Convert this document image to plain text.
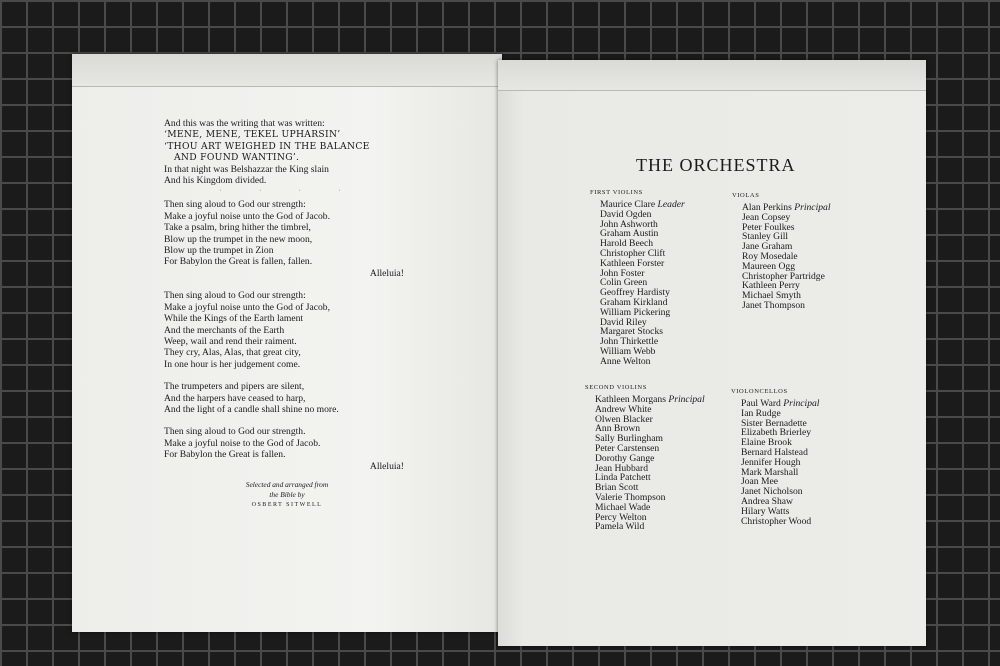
And this was the writing that was written:
‘MENE, MENE, TEKEL UPHARSIN’
‘THOU ART WEIGHED IN THE BALANCE
AND FOUND WANTING’.
In that night was Belshazzar the King slain
And his Kingdom divided.
· · · ·
Then sing aloud to God our strength:
Make a joyful noise unto the God of Jacob.
Take a psalm, bring hither the timbrel,
Blow up the trumpet in the new moon,
Blow up the trumpet in Zion
For Babylon the Great is fallen, fallen.
Alleluia!
Then sing aloud to God our strength:
Make a joyful noise unto the God of Jacob,
While the Kings of the Earth lament
And the merchants of the Earth
Weep, wail and rend their raiment.
They cry, Alas, Alas, that great city,
In one hour is her judgement come.
The trumpeters and pipers are silent,
And the harpers have ceased to harp,
And the light of a candle shall shine no more.
Then sing aloud to God our strength.
Make a joyful noise to the God of Jacob.
For Babylon the Great is fallen.
Alleluia!
Selected and arranged from
the Bible by
OSBERT SITWELL
THE ORCHESTRA
FIRST VIOLINS
Maurice Clare Leader
David Ogden
John Ashworth
Graham Austin
Harold Beech
Christopher Clift
Kathleen Forster
John Foster
Colin Green
Geoffrey Hardisty
Graham Kirkland
William Pickering
David Riley
Margaret Stocks
John Thirkettle
William Webb
Anne Welton
VIOLAS
Alan Perkins Principal
Jean Copsey
Peter Foulkes
Stanley Gill
Jane Graham
Roy Mosedale
Maureen Ogg
Christopher Partridge
Kathleen Perry
Michael Smyth
Janet Thompson
SECOND VIOLINS
Kathleen Morgans Principal
Andrew White
Olwen Blacker
Ann Brown
Sally Burlingham
Peter Carstensen
Dorothy Gange
Jean Hubbard
Linda Patchett
Brian Scott
Valerie Thompson
Michael Wade
Percy Welton
Pamela Wild
VIOLONCELLOS
Paul Ward Principal
Ian Rudge
Sister Bernadette
Elizabeth Brierley
Elaine Brook
Bernard Halstead
Jennifer Hough
Mark Marshall
Joan Mee
Janet Nicholson
Andrea Shaw
Hilary Watts
Christopher Wood
